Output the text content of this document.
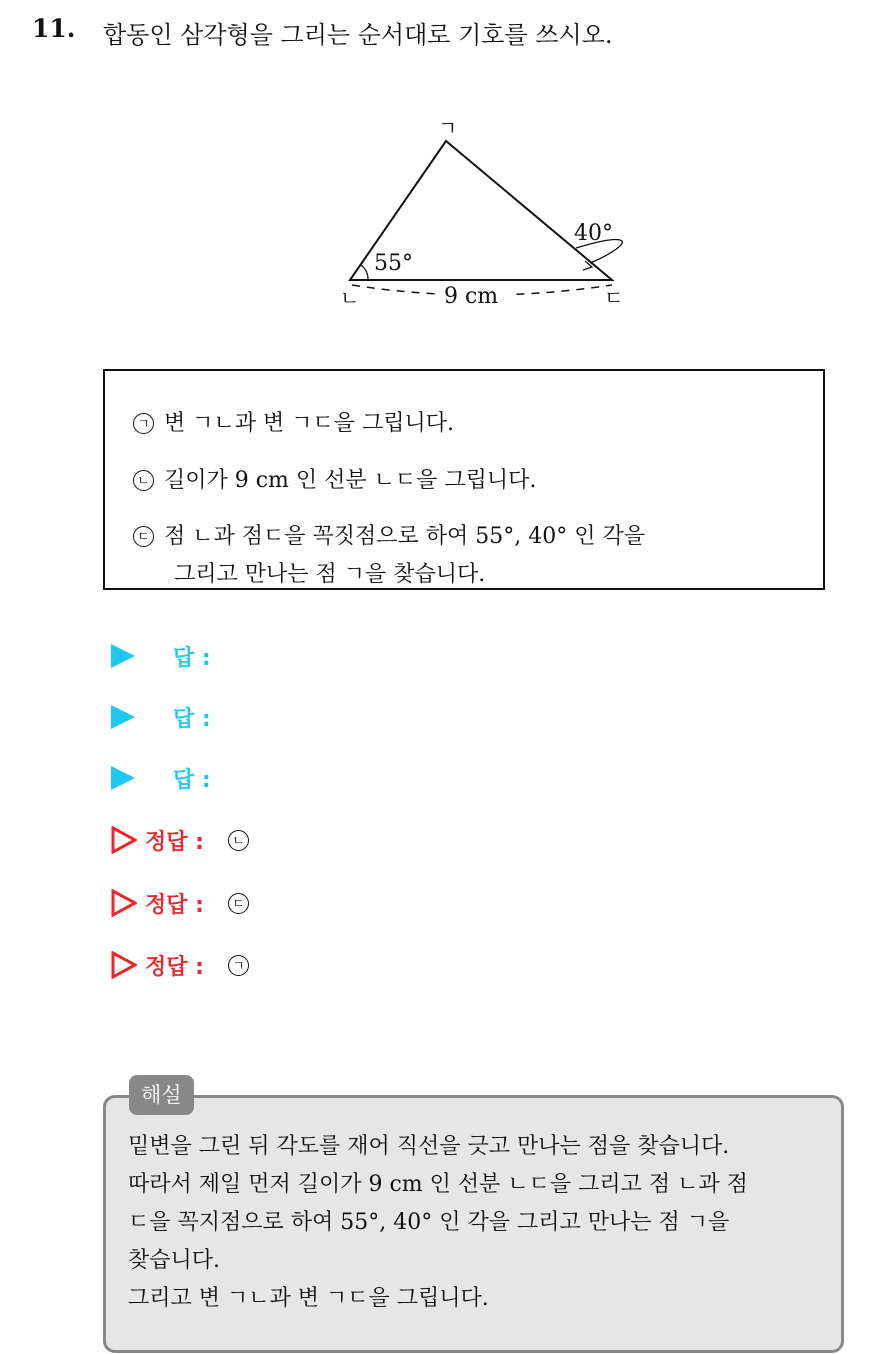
11. 합동인 삼각형을 그리는 순서대로 기호를 쓰시오.
ㄱ
ㄴ	ㄷ
55°
40°
9 cm
ㄱ 변 ㄱㄴ과 변 ㄱㄷ을 그립니다.
ㄴ 길이가 9 cm 인 선분 ㄴㄷ을 그립니다.
ㄷ 점 ㄴ과 점ㄷ을 꼭짓점으로 하여 55°, 40° 인 각을
그리고 만나는 점 ㄱ을 찾습니다.
답 :
답 :
답 :
정답 :	ㄴ
정답 :	ㄷ
정답 :	ㄱ
밑변을 그린 뒤 각도를 재어 직선을 긋고 만나는 점을 찾습니다.
따라서 제일 먼저 길이가 9 cm 인 선분 ㄴㄷ을 그리고 점 ㄴ과 점
ㄷ을 꼭지점으로 하여 55°, 40° 인 각을 그리고 만나는 점 ㄱ을
찾습니다.
그리고 변 ㄱㄴ과 변 ㄱㄷ을 그립니다.
해설
